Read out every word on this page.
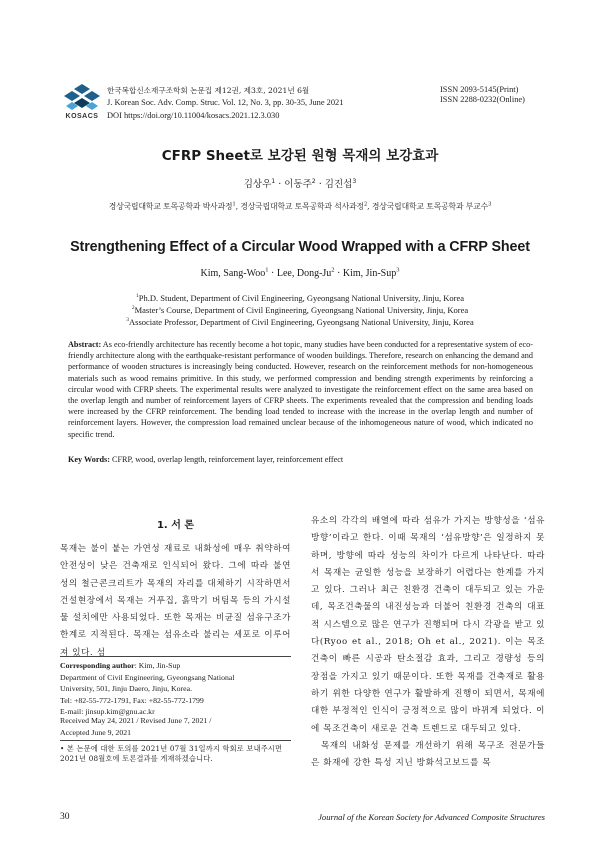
KOSACS
한국복합신소재구조학회 논문집 제12권, 제3호, 2021년 6월
J. Korean Soc. Adv. Comp. Struc. Vol. 12, No. 3, pp. 30-35, June 2021
DOI https://doi.org/10.11004/kosacs.2021.12.3.030
ISSN 2093-5145(Print)
ISSN 2288-0232(Online)
CFRP Sheet로 보강된 원형 목재의 보강효과
김상우$^1$ · 이동주$^2$ · 김진섭$^3$
경상국립대학교 토목공학과 박사과정$^1$, 경상국립대학교 토목공학과 석사과정$^2$, 경상국립대학교 토목공학과 부교수$^3$
Strengthening Effect of a Circular Wood Wrapped with a CFRP Sheet
Kim, Sang-Woo$^1$ · Lee, Dong-$Ju^2$ · Kim, Jin-Sup$^3$
$^1$Ph.D. Student, Department of Civil Engineering, Gyeongsang National University, Jinju, Korea
$^2$Master’s Course, Department of Civil Engineering, Gyeongsang National University, Jinju, Korea
$^3$Associate Professor, Department of Civil Engineering, Gyeongsang National University, Jinju, Korea
Abstract: As eco-friendly architecture has recently become a hot topic, many studies have been conducted for a representative system of eco-friendly architecture along with the earthquake-resistant performance of wooden buildings. Therefore, research on enhancing the demand and performance of wooden structures is increasingly being conducted. However, research on the reinforcement methods for non-homogeneous materials such as wood remains primitive. In this study, we performed compression and bending strength experiments by reinforcing a circular wood with CFRP sheets. The experimental results were analyzed to investigate the reinforcement effect on the same area based on the overlap length and number of reinforcement layers of CFRP sheets. The experiments revealed that the compression and bending loads were increased by the CFRP reinforcement. The bending load tended to increase with the increase in the overlap length and number of reinforcement layers. However, the compression load remained unclear because of the inhomogeneous nature of wood, which indicated no specific trend.
Key Words: CFRP, wood, overlap length, reinforcement layer, reinforcement effect
1. 서 론
목재는 불이 붙는 가연성 재료로 내화성에 매우 취약하여 안전성이 낮은 건축재로 인식되어 왔다. 그에 따라 불연성의 철근콘크리트가 목재의 자리를 대체하기 시작하면서 건설현장에서 목재는 거푸집, 흙막기 버팀목 등의 가시설물 설치에만 사용되었다. 또한 목재는 비균질 섬유구조가 한계로 지적된다. 목재는 섬유소라 불리는 세포로 이루어져 있다. 섬
Corresponding author: Kim, Jin-Sup
Department of Civil Engineering, Gyeongsang National
University, 501, Jinju Daero, Jinju, Korea.
Tel: +82-55-772-1791, Fax: +82-55-772-1799
E-mail: jinsup.kim@gnu.ac.kr
Received May 24, 2021 / Revised June 7, 2021 /
Accepted June 9, 2021
• 본 논문에 대한 토의를 2021년 07월 31일까지 학회로 보내주시면 2021년 08월호에 토론결과를 게재하겠습니다.
유소의 각각의 배열에 따라 섬유가 가지는 방향성을 ‘섬유방향’이라고 한다. 이때 목재의 ‘섬유방향’은 일정하지 못하며, 방향에 따라 성능의 차이가 다르게 나타난다. 따라서 목재는 균일한 성능을 보장하기 어렵다는 한계를 가지고 있다. 그러나 최근 친환경 건축이 대두되고 있는 가운데, 목조건축물의 내진성능과 더불어 친환경 건축의 대표적 시스템으로 많은 연구가 진행되며 다시 각광을 받고 있다(Ryoo et al., 2018; Oh et al., 2021). 이는 목조 건축이 빠른 시공과 탄소절감 효과, 그리고 경량성 등의 장점을 가지고 있기 때문이다. 또한 목재를 건축재로 활용하기 위한 다양한 연구가 활발하게 진행이 되면서, 목재에 대한 부정적인 인식이 긍정적으로 많이 바뀌게 되었다. 이에 목조건축이 새로운 건축 트렌드로 대두되고 있다.
목재의 내화성 문제를 개선하기 위해 목구조 전문가들은 화재에 강한 특성 지닌 방화석고보드를 목
30	Journal of the Korean Society for Advanced Composite Structures
